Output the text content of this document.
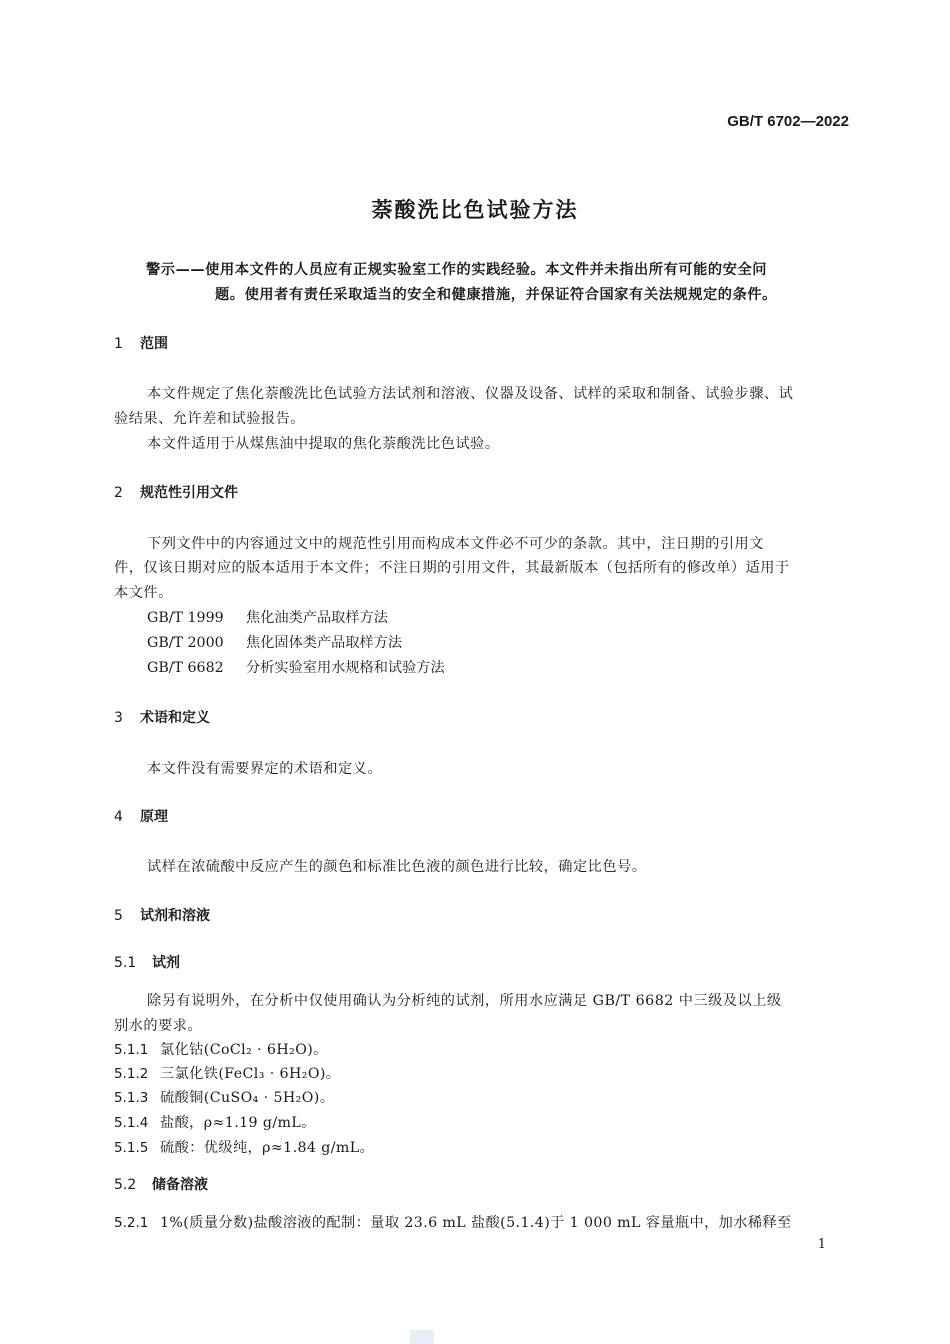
GB/T 6702—2022
萘酸洗比色试验方法
警示——使用本文件的人员应有正规实验室工作的实践经验。本文件并未指出所有可能的安全问
题。使用者有责任采取适当的安全和健康措施，并保证符合国家有关法规规定的条件。
1 范围
本文件规定了焦化萘酸洗比色试验方法试剂和溶液、仪器及设备、试样的采取和制备、试验步骤、试
验结果、允许差和试验报告。
本文件适用于从煤焦油中提取的焦化萘酸洗比色试验。
2 规范性引用文件
下列文件中的内容通过文中的规范性引用而构成本文件必不可少的条款。其中，注日期的引用文
件，仅该日期对应的版本适用于本文件；不注日期的引用文件，其最新版本（包括所有的修改单）适用于
本文件。
GB/T 1999 焦化油类产品取样方法
GB/T 2000 焦化固体类产品取样方法
GB/T 6682 分析实验室用水规格和试验方法
3 术语和定义
本文件没有需要界定的术语和定义。
4 原理
试样在浓硫酸中反应产生的颜色和标准比色液的颜色进行比较，确定比色号。
5 试剂和溶液
5.1 试剂
除另有说明外，在分析中仅使用确认为分析纯的试剂，所用水应满足 GB/T 6682 中三级及以上级
别水的要求。
5.1.1 氯化钴(CoCl₂ · 6H₂O)。
5.1.2 三氯化铁(FeCl₃ · 6H₂O)。
5.1.3 硫酸铜(CuSO₄ · 5H₂O)。
5.1.4 盐酸，ρ≈1.19 g/mL。
5.1.5 硫酸：优级纯，ρ≈1.84 g/mL。
5.2 储备溶液
5.2.1 1%(质量分数)盐酸溶液的配制：量取 23.6 mL 盐酸(5.1.4)于 1 000 mL 容量瓶中，加水稀释至
1
